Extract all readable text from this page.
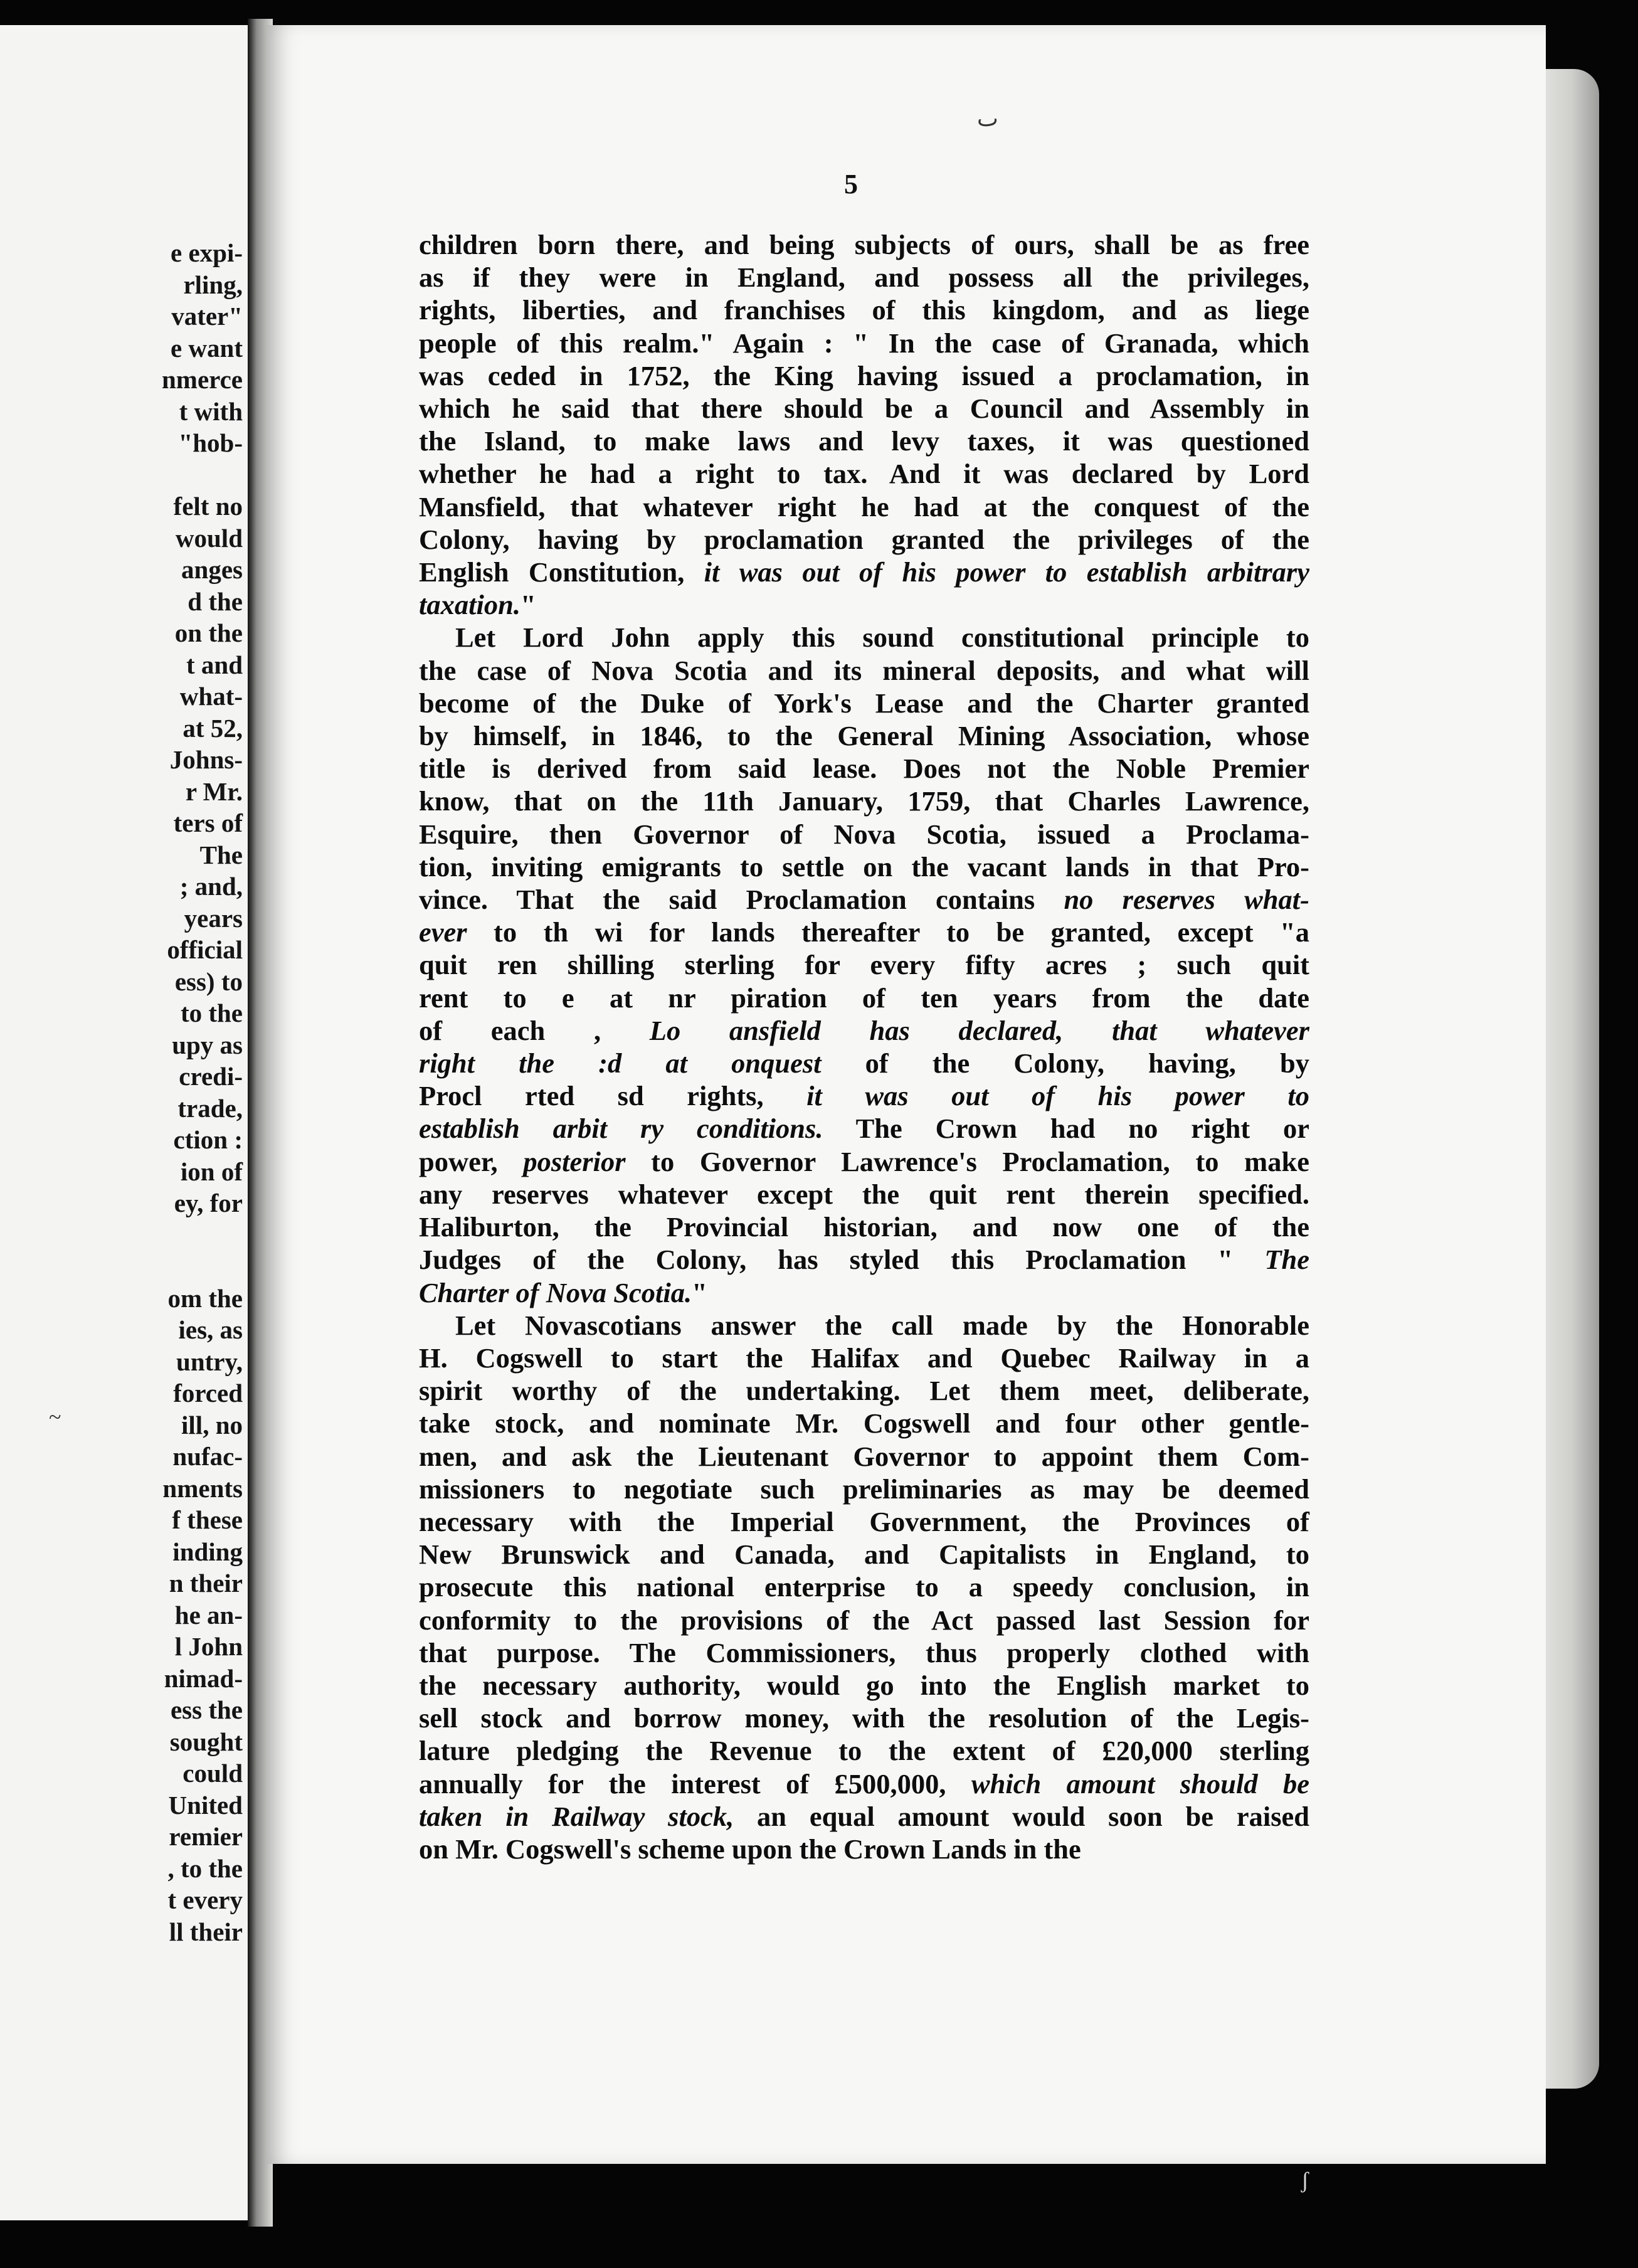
e expi-
rling,
vater"
e want
nmerce
t with
"hob-

felt no
would
anges
d the
on the
t and
what-
at 52,
Johns-
r Mr.
ters of
The
; and,
years
official
ess) to
to the
upy as
credi-
trade,
ction :
ion of
ey, for

om the
ies, as
untry,
forced
ill, no
nufac-
nments
f these
inding
n their
he an-
l John
nimad-
ess the
sought
could
United
remier
, to the
t every
ll their
ٮ
~
ʃ
5

children born there, and being subjects of ours, shall be as free
as if they were in England, and possess all the privileges,
rights, liberties, and franchises of this kingdom, and as liege
people of this realm." Again : " In the case of Granada, which
was ceded in 1752, the King having issued a proclamation, in
which he said that there should be a Council and Assembly in
the Island, to make laws and levy taxes, it was questioned
whether he had a right to tax. And it was declared by Lord
Mansfield, that whatever right he had at the conquest of the
Colony, having by proclamation granted the privileges of the
English Constitution, it was out of his power to establish arbitrary
taxation."

Let Lord John apply this sound constitutional principle to
the case of Nova Scotia and its mineral deposits, and what will
become of the Duke of York's Lease and the Charter granted
by himself, in 1846, to the General Mining Association, whose
title is derived from said lease. Does not the Noble Premier
know, that on the 11th January, 1759, that Charles Lawrence,
Esquire, then Governor of Nova Scotia, issued a Proclama-
tion, inviting emigrants to settle on the vacant lands in that Pro-
vince. That the said Proclamation contains no reserves what-
ever to th wi for lands thereafter to be granted, except "a
quit ren shilling sterling for every fifty acres ; such quit
rent to e at nr piration of ten years from the date
of each , Lo ansfield has declared, that whatever
right the :d at onquest of the Colony, having, by
Procl rted sd rights, it was out of his power to
establish arbit ry conditions. The Crown had no right or
power, posterior to Governor Lawrence's Proclamation, to make
any reserves whatever except the quit rent therein specified.
Haliburton, the Provincial historian, and now one of the
Judges of the Colony, has styled this Proclamation " The
Charter of Nova Scotia."

Let Novascotians answer the call made by the Honorable
H. Cogswell to start the Halifax and Quebec Railway in a
spirit worthy of the undertaking. Let them meet, deliberate,
take stock, and nominate Mr. Cogswell and four other gentle-
men, and ask the Lieutenant Governor to appoint them Com-
missioners to negotiate such preliminaries as may be deemed
necessary with the Imperial Government, the Provinces of
New Brunswick and Canada, and Capitalists in England, to
prosecute this national enterprise to a speedy conclusion, in
conformity to the provisions of the Act passed last Session for
that purpose. The Commissioners, thus properly clothed with
the necessary authority, would go into the English market to
sell stock and borrow money, with the resolution of the Legis-
lature pledging the Revenue to the extent of £20,000 sterling
annually for the interest of £500,000, which amount should be
taken in Railway stock, an equal amount would soon be raised
on Mr. Cogswell's scheme upon the Crown Lands in the
